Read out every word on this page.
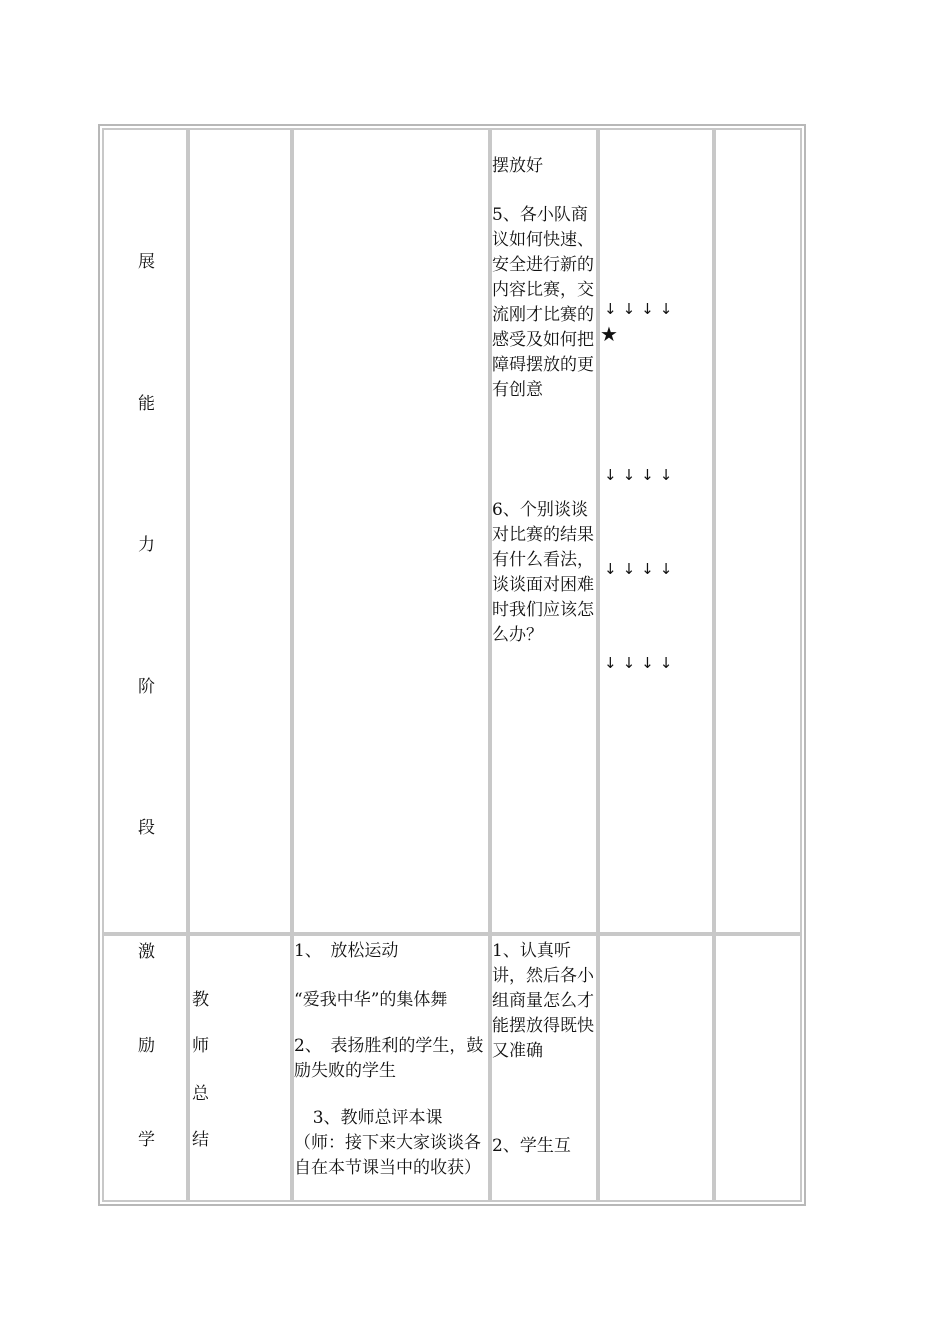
展
能
力
阶
段
摆放好
5、各小队商议如何快速、安全进行新的内容比赛，交流刚才比赛的感受及如何把障碍摆放的更有创意
6、个别谈谈对比赛的结果有什么看法，谈谈面对困难时我们应该怎么办？
↓↓↓↓
★
↓↓↓↓
↓↓↓↓
↓↓↓↓
激
励
学
教
师
总
结
1、　放松运动
“爱我中华”的集体舞
2、　表扬胜利的学生，鼓励失败的学生
3、教师总评本课（师：接下来大家谈谈各自在本节课当中的收获）
1、认真听讲，然后各小组商量怎么才能摆放得既快又准确
2、学生互
